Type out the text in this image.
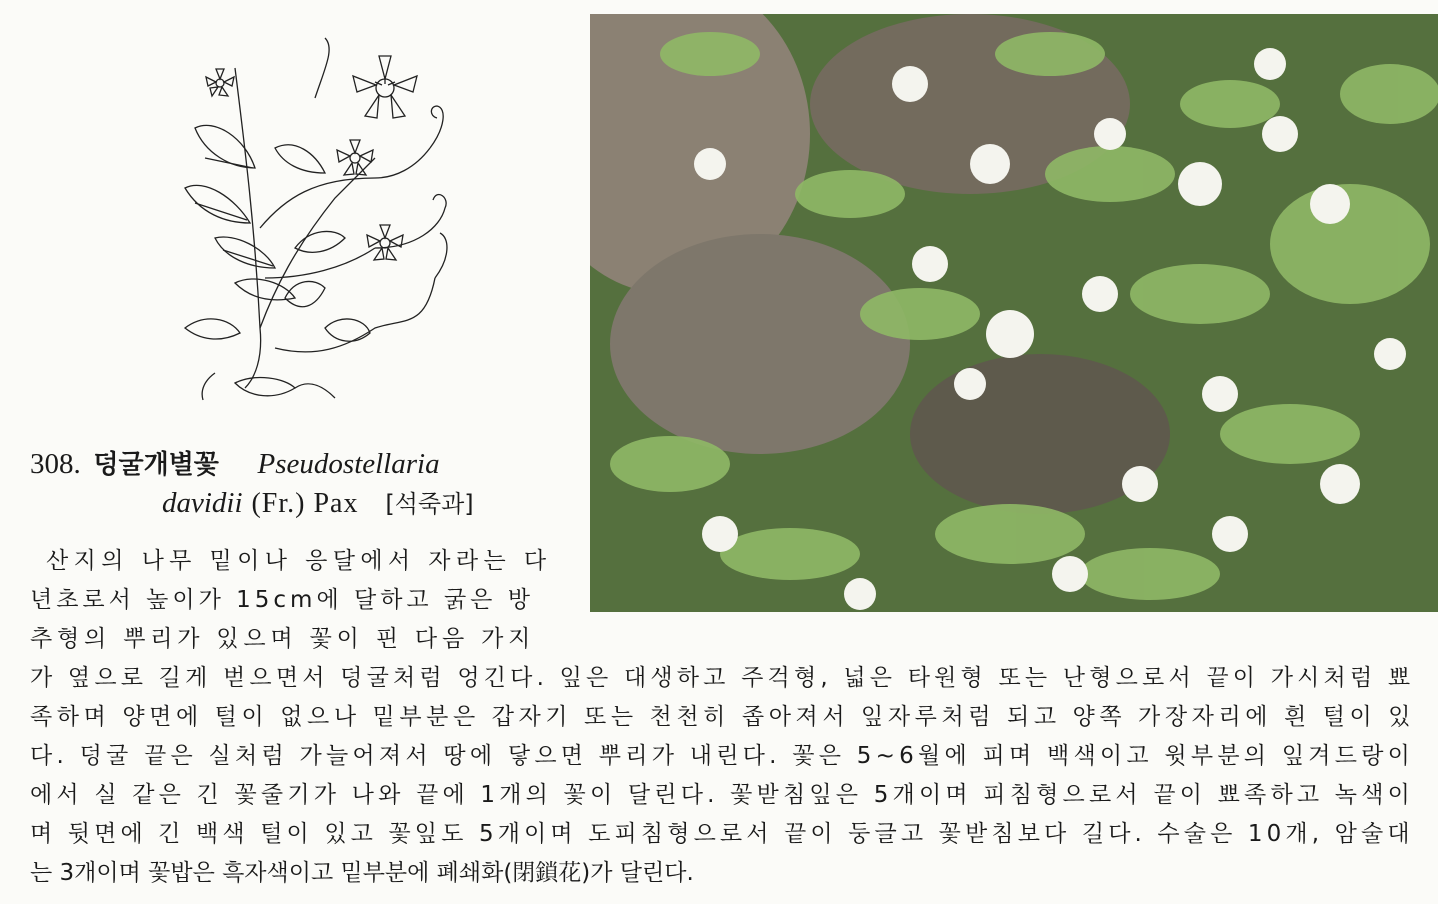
308. 덩굴개별꽃 Pseudostellaria
davidii (Fr.) Pax [석죽과]
산지의 나무 밑이나 응달에서 자라는 다
년초로서 높이가 15cm에 달하고 굵은 방
추형의 뿌리가 있으며 꽃이 핀 다음 가지
가 옆으로 길게 벋으면서 덩굴처럼 엉긴다. 잎은 대생하고 주걱형, 넓은 타원형 또는 난형으로서 끝이 가시처럼 뾰
족하며 양면에 털이 없으나 밑부분은 갑자기 또는 천천히 좁아져서 잎자루처럼 되고 양쪽 가장자리에 흰 털이 있
다. 덩굴 끝은 실처럼 가늘어져서 땅에 닿으면 뿌리가 내린다. 꽃은 5~6월에 피며 백색이고 윗부분의 잎겨드랑이
에서 실 같은 긴 꽃줄기가 나와 끝에 1개의 꽃이 달린다. 꽃받침잎은 5개이며 피침형으로서 끝이 뾰족하고 녹색이
며 뒷면에 긴 백색 털이 있고 꽃잎도 5개이며 도피침형으로서 끝이 둥글고 꽃받침보다 길다. 수술은 10개, 암술대
는 3개이며 꽃밥은 흑자색이고 밑부분에 폐쇄화(閉鎖花)가 달린다.
